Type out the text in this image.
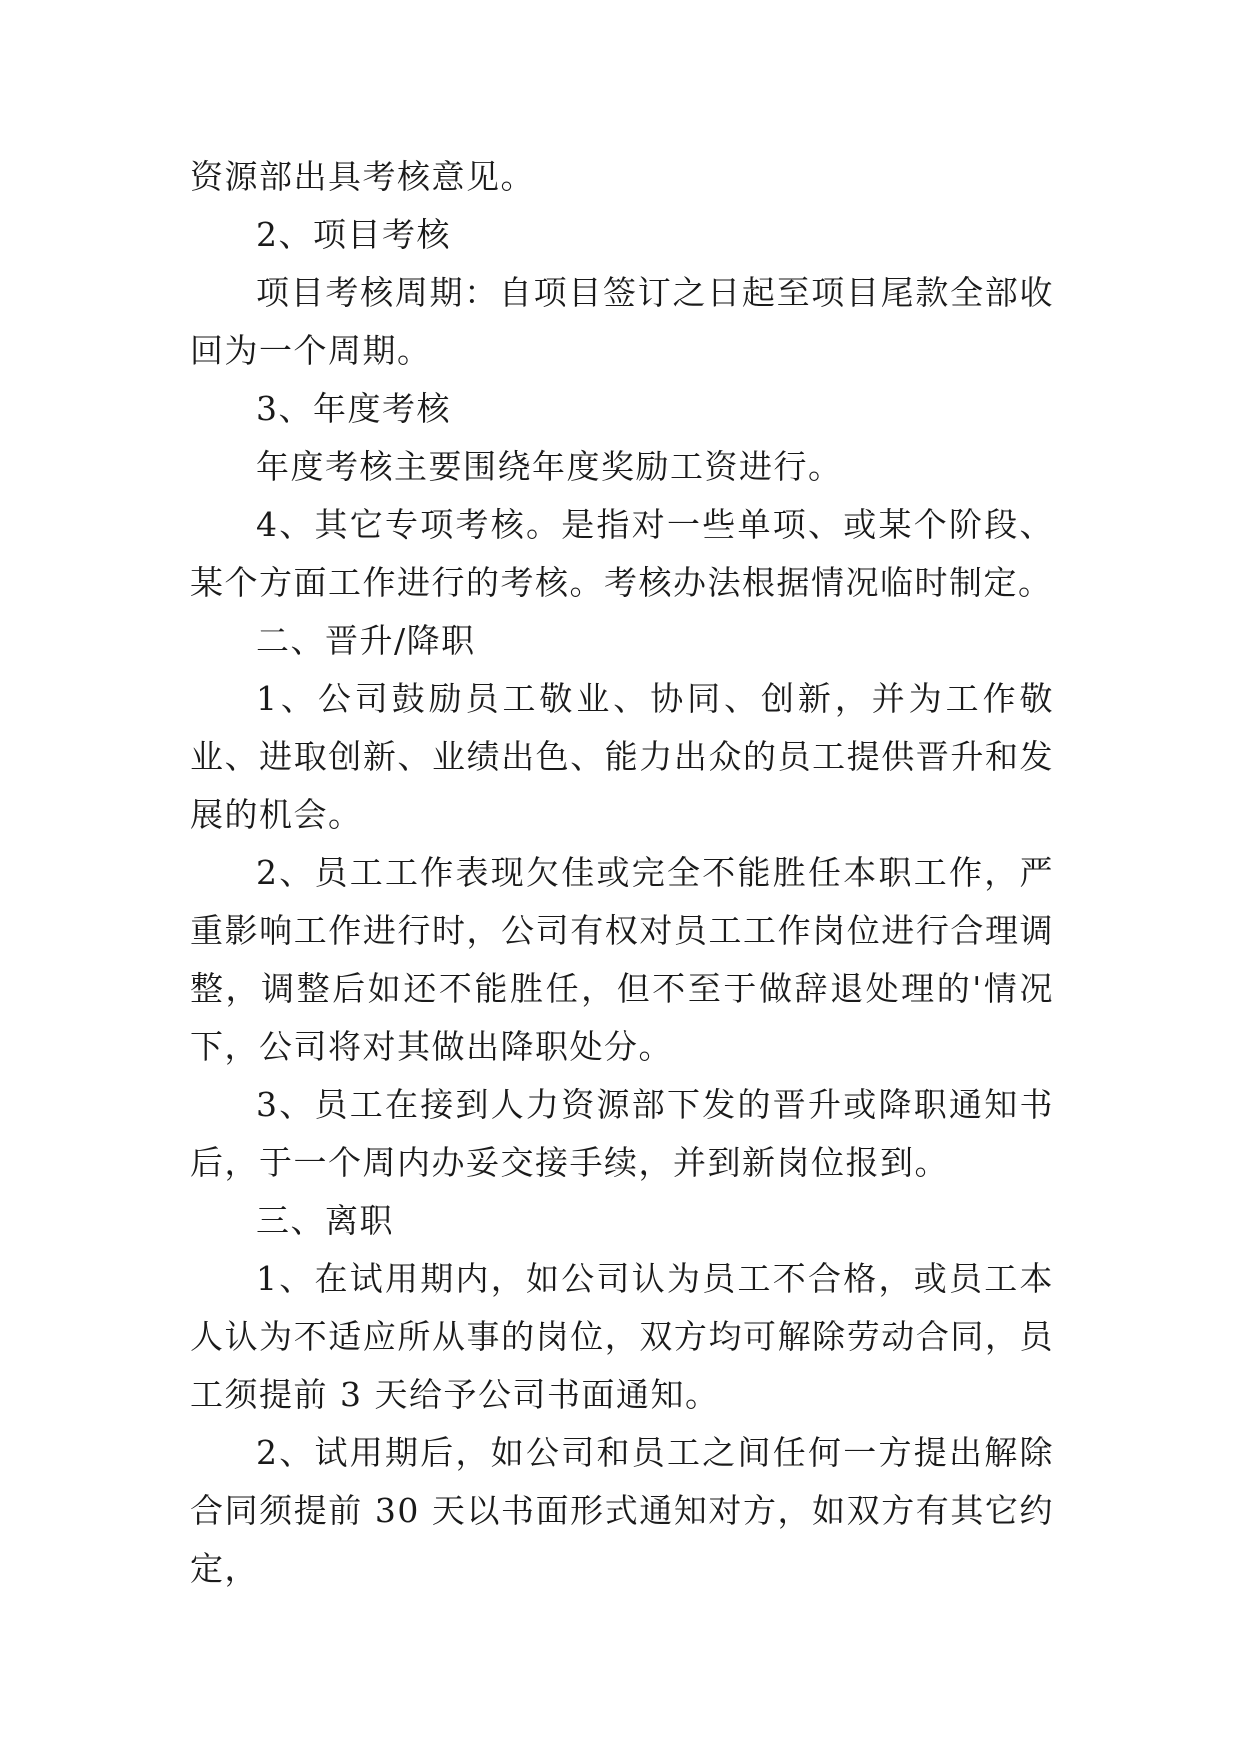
资源部出具考核意见。

2、项目考核

项目考核周期：自项目签订之日起至项目尾款全部收回为一个周期。

3、年度考核

年度考核主要围绕年度奖励工资进行。

4、其它专项考核。是指对一些单项、或某个阶段、某个方面工作进行的考核。考核办法根据情况临时制定。

二、晋升/降职

1、公司鼓励员工敬业、协同、创新，并为工作敬业、进取创新、业绩出色、能力出众的员工提供晋升和发展的机会。

2、员工工作表现欠佳或完全不能胜任本职工作，严重影响工作进行时，公司有权对员工工作岗位进行合理调整，调整后如还不能胜任，但不至于做辞退处理的'情况下，公司将对其做出降职处分。

3、员工在接到人力资源部下发的晋升或降职通知书后，于一个周内办妥交接手续，并到新岗位报到。

三、离职

1、在试用期内，如公司认为员工不合格，或员工本人认为不适应所从事的岗位，双方均可解除劳动合同，员工须提前 3 天给予公司书面通知。

2、试用期后，如公司和员工之间任何一方提出解除合同须提前 30 天以书面形式通知对方，如双方有其它约定，
